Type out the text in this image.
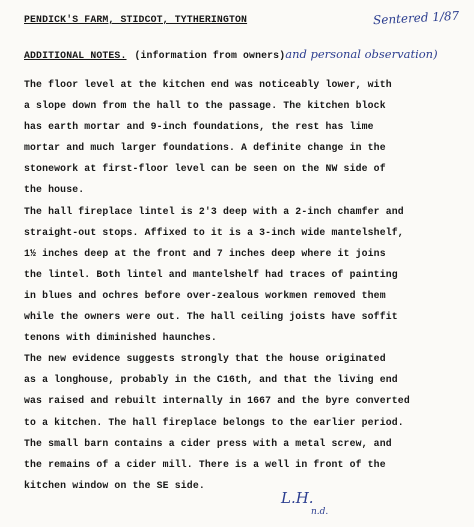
PENDICK'S FARM, STIDCOT, TYTHERINGTON	Sentered 1/87
ADDITIONAL NOTES. (information from owners)and personal observation)
The floor level at the kitchen end was noticeably lower, with
a slope down from the hall to the passage. The kitchen block
has earth mortar and 9-inch foundations, the rest has lime
mortar and much larger foundations. A definite change in the
stonework at first-floor level can be seen on the NW side of
the house.
The hall fireplace lintel is 2'3 deep with a 2-inch chamfer and
straight-out stops. Affixed to it is a 3-inch wide mantelshelf,
1½ inches deep at the front and 7 inches deep where it joins
the lintel. Both lintel and mantelshelf had traces of painting
in blues and ochres before over-zealous workmen removed them
while the owners were out. The hall ceiling joists have soffit
tenons with diminished haunches.
The new evidence suggests strongly that the house originated
as a longhouse, probably in the C16th, and that the living end
was raised and rebuilt internally in 1667 and the byre converted
to a kitchen. The hall fireplace belongs to the earlier period.
The small barn contains a cider press with a metal screw, and
the remains of a cider mill. There is a well in front of the
kitchen window on the SE side.
L.H.
n.d.
